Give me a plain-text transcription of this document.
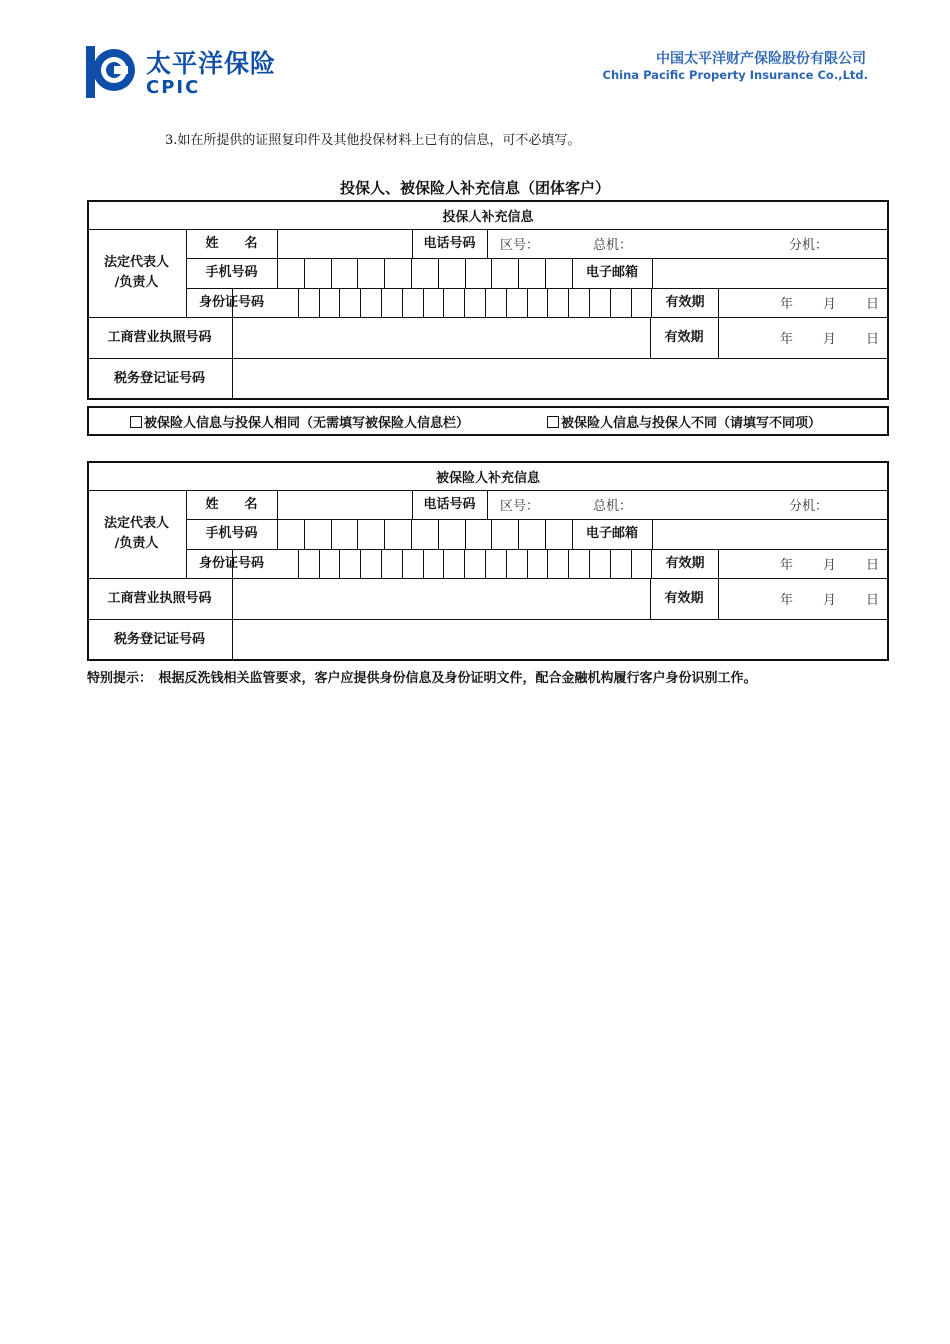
太平洋保险
CPIC
中国太平洋财产保险股份有限公司
China Pacific Property Insurance Co.,Ltd.
3.如在所提供的证照复印件及其他投保材料上已有的信息，可不必填写。
投保人、被保险人补充信息（团体客户）
投保人补充信息
法定代表人
/负责人
姓　　名	电话号码	区号：	总机：	分机：
手机号码	电子邮箱
身份证号码	有效期	年 月 日
工商营业执照号码	有效期	年 月 日
税务登记证号码
被保险人信息与投保人相同（无需填写被保险人信息栏）	被保险人信息与投保人不同（请填写不同项）
被保险人补充信息
法定代表人
/负责人
姓　　名	电话号码	区号：	总机：	分机：
手机号码	电子邮箱
身份证号码	有效期	年 月 日
工商营业执照号码	有效期	年 月 日
税务登记证号码
特别提示：　根据反洗钱相关监管要求，客户应提供身份信息及身份证明文件，配合金融机构履行客户身份识别工作。
